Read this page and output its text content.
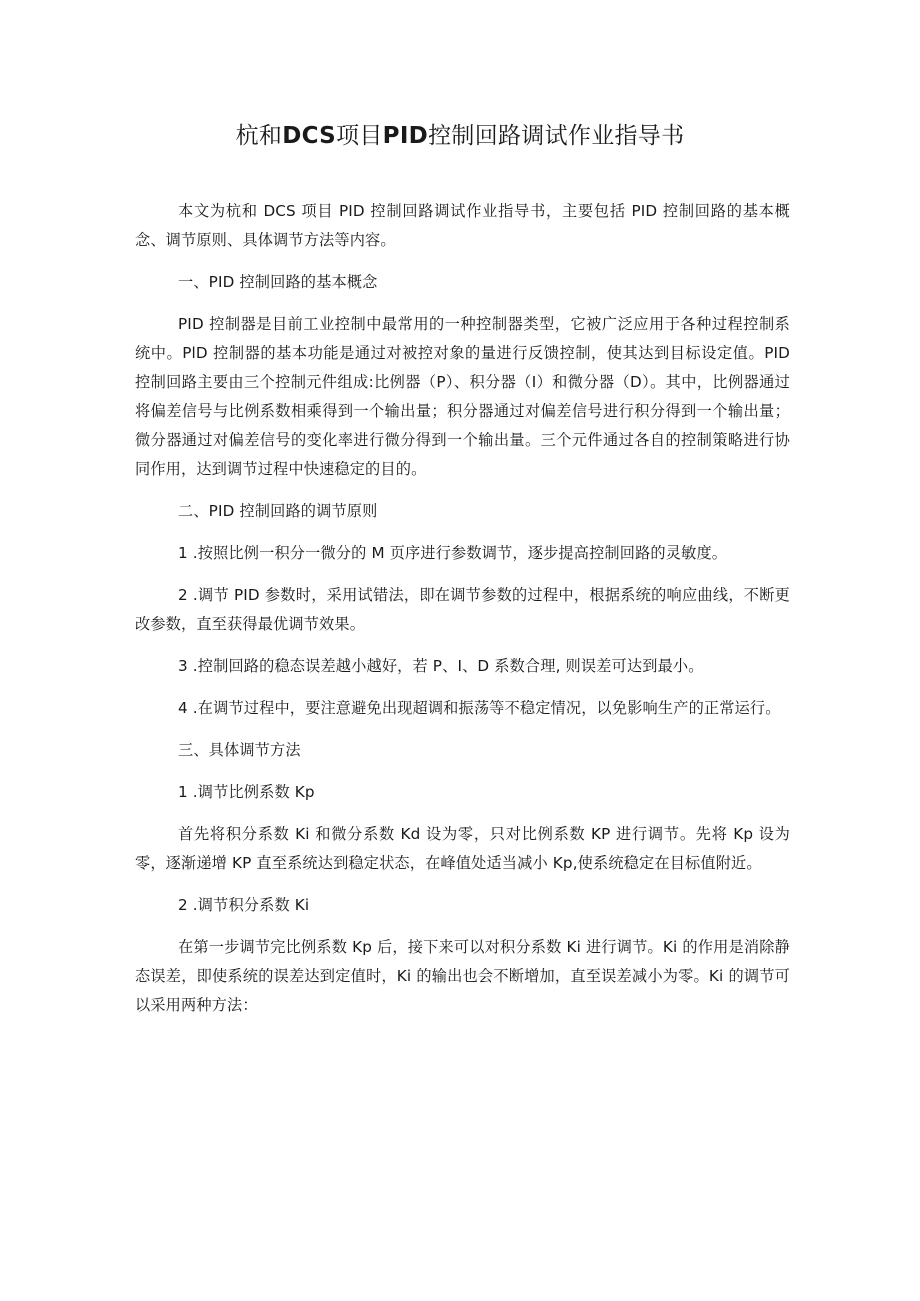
杭和DCS项目PID控制回路调试作业指导书

本文为杭和 DCS 项目 PID 控制回路调试作业指导书，主要包括 PID 控制回路的基本概念、调节原则、具体调节方法等内容。

一、PID 控制回路的基本概念

PID 控制器是目前工业控制中最常用的一种控制器类型，它被广泛应用于各种过程控制系统中。PlD 控制器的基本功能是通过对被控对象的量进行反馈控制，使其达到目标设定值。PID 控制回路主要由三个控制元件组成:比例器（P）、积分器（I）和微分器（D）。其中，比例器通过将偏差信号与比例系数相乘得到一个输出量；积分器通过对偏差信号进行积分得到一个输出量；微分器通过对偏差信号的变化率进行微分得到一个输出量。三个元件通过各自的控制策略进行协同作用，达到调节过程中快速稳定的目的。

二、PID 控制回路的调节原则

1 .按照比例一积分一微分的 M 页序进行参数调节，逐步提高控制回路的灵敏度。

2 .调节 PID 参数时，采用试错法，即在调节参数的过程中，根据系统的响应曲线，不断更改参数，直至获得最优调节效果。

3 .控制回路的稳态误差越小越好，若 P、I、D 系数合理, 则误差可达到最小。

4 .在调节过程中，要注意避免出现超调和振荡等不稳定情况，以免影响生产的正常运行。

三、具体调节方法

1 .调节比例系数 Kp

首先将积分系数 Ki 和微分系数 Kd 设为零，只对比例系数 KP 进行调节。先将 Kp 设为零，逐渐递增 KP 直至系统达到稳定状态，在峰值处适当减小 Kp,使系统稳定在目标值附近。

2 .调节积分系数 Ki

在第一步调节完比例系数 Kp 后，接下来可以对积分系数 Ki 进行调节。Ki 的作用是消除静态误差，即使系统的误差达到定值时，Ki 的输出也会不断增加，直至误差减小为零。Ki 的调节可以采用两种方法：
